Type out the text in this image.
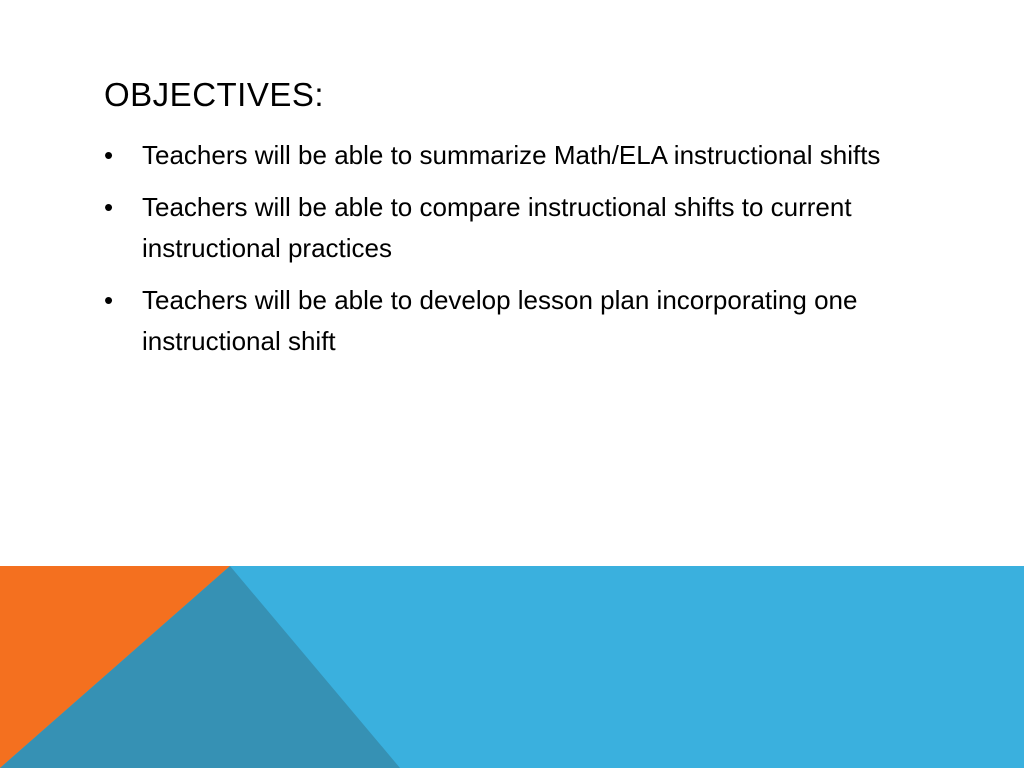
OBJECTIVES:
•	Teachers will be able to summarize Math/ELA instructional shifts
•	Teachers will be able to compare instructional shifts to current instructional practices
•	Teachers will be able to develop lesson plan incorporating one instructional shift
